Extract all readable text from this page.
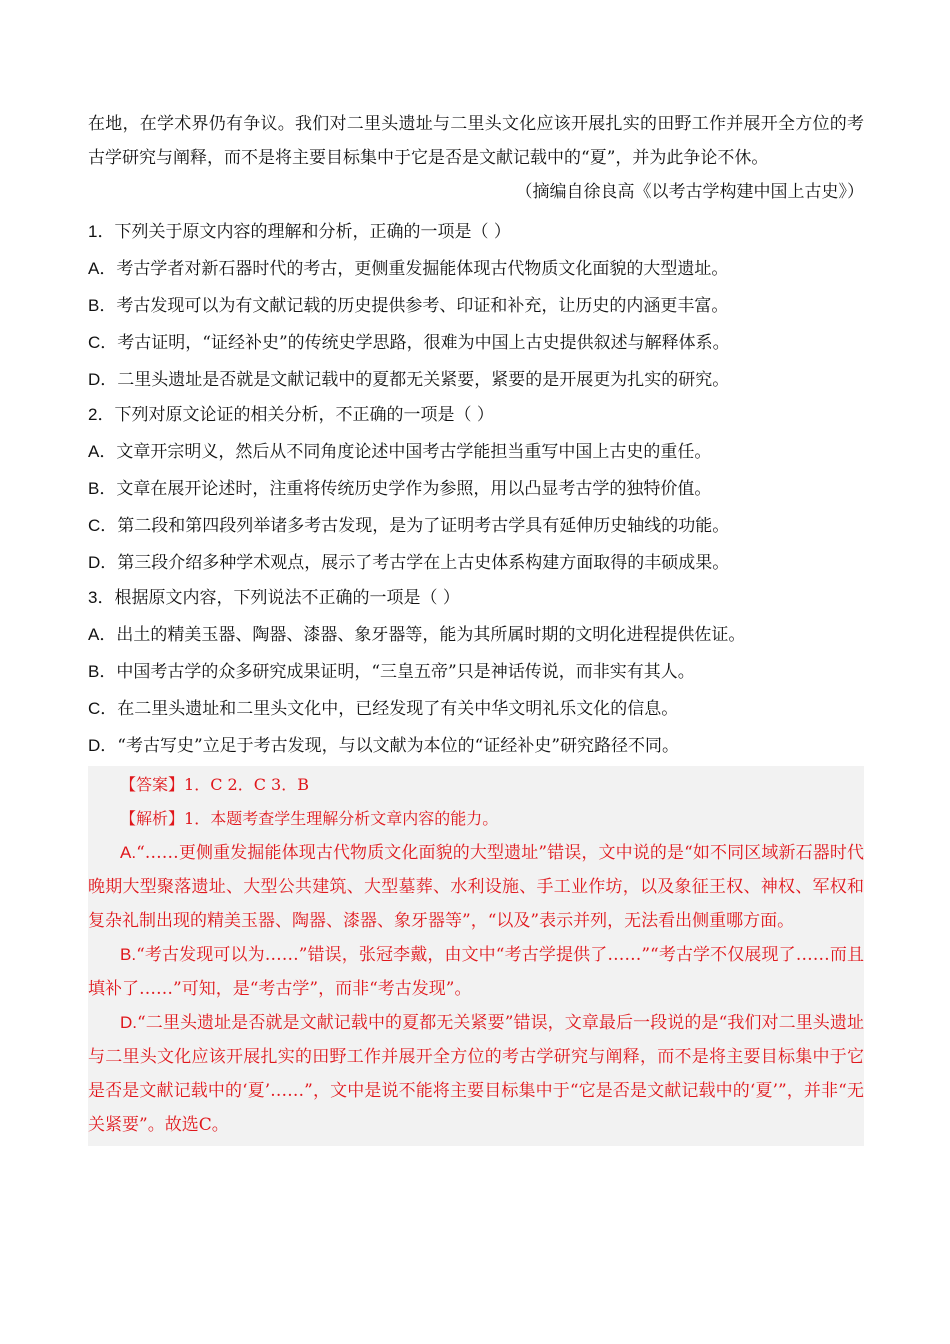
在地，在学术界仍有争议。我们对二里头遗址与二里头文化应该开展扎实的田野工作并展开全方位的考古学研究与阐释，而不是将主要目标集中于它是否是文献记载中的“夏”，并为此争论不休。

（摘编自徐良高《以考古学构建中国上古史》）

1．下列关于原文内容的理解和分析，正确的一项是（ ）

A．考古学者对新石器时代的考古，更侧重发掘能体现古代物质文化面貌的大型遗址。

B．考古发现可以为有文献记载的历史提供参考、印证和补充，让历史的内涵更丰富。

C．考古证明，“证经补史”的传统史学思路，很难为中国上古史提供叙述与解释体系。

D．二里头遗址是否就是文献记载中的夏都无关紧要，紧要的是开展更为扎实的研究。

2．下列对原文论证的相关分析，不正确的一项是（ ）

A．文章开宗明义，然后从不同角度论述中国考古学能担当重写中国上古史的重任。

B．文章在展开论述时，注重将传统历史学作为参照，用以凸显考古学的独特价值。

C．第二段和第四段列举诸多考古发现，是为了证明考古学具有延伸历史轴线的功能。

D．第三段介绍多种学术观点，展示了考古学在上古史体系构建方面取得的丰硕成果。

3．根据原文内容，下列说法不正确的一项是（ ）

A．出土的精美玉器、陶器、漆器、象牙器等，能为其所属时期的文明化进程提供佐证。

B．中国考古学的众多研究成果证明，“三皇五帝”只是神话传说，而非实有其人。

C．在二里头遗址和二里头文化中，已经发现了有关中华文明礼乐文化的信息。

D．“考古写史”立足于考古发现，与以文献为本位的“证经补史”研究路径不同。

【答案】1．C 2．C 3．B

【解析】1．本题考查学生理解分析文章内容的能力。

A.“……更侧重发掘能体现古代物质文化面貌的大型遗址”错误，文中说的是“如不同区域新石器时代晚期大型聚落遗址、大型公共建筑、大型墓葬、水利设施、手工业作坊，以及象征王权、神权、军权和复杂礼制出现的精美玉器、陶器、漆器、象牙器等”，“以及”表示并列，无法看出侧重哪方面。

B.“考古发现可以为……”错误，张冠李戴，由文中“考古学提供了……”“考古学不仅展现了……而且填补了……”可知，是“考古学”，而非“考古发现”。

D.“二里头遗址是否就是文献记载中的夏都无关紧要”错误，文章最后一段说的是“我们对二里头遗址与二里头文化应该开展扎实的田野工作并展开全方位的考古学研究与阐释，而不是将主要目标集中于它是否是文献记载中的‘夏’……”，文中是说不能将主要目标集中于“它是否是文献记载中的‘夏’”，并非“无关紧要”。故选C。
